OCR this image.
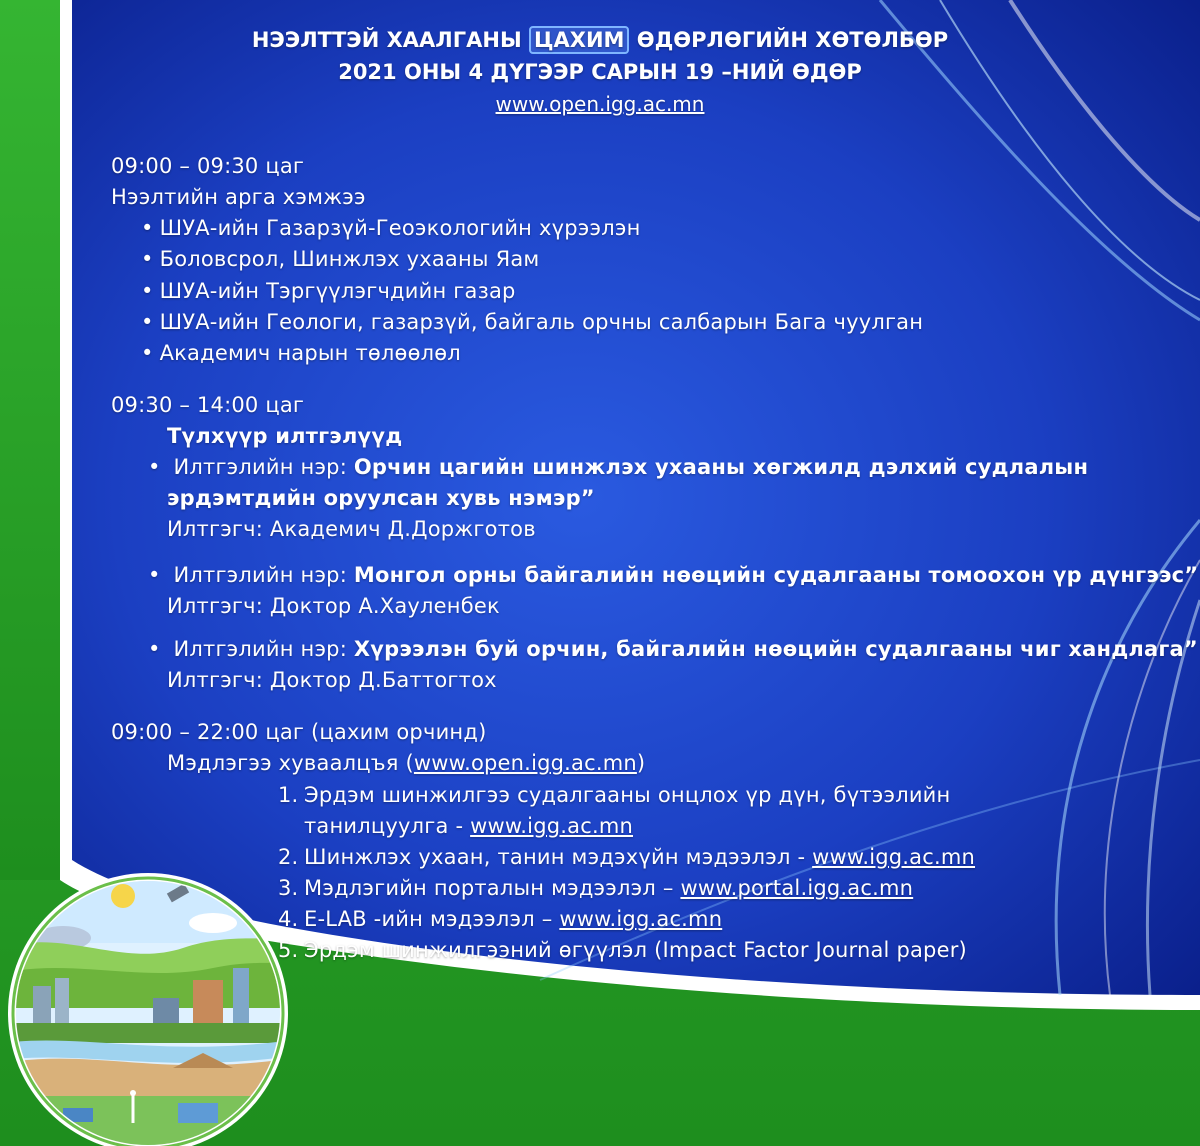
НЭЭЛТТЭЙ ХААЛГАНЫ ЦАХИМ ӨДӨРЛӨГИЙН ХӨТӨЛБӨР
2021 ОНЫ 4 ДҮГЭЭР САРЫН 19 –НИЙ ӨДӨР
www.open.igg.ac.mn
09:00 – 09:30 цаг
Нээлтийн арга хэмжээ
• ШУА-ийн Газарзүй-Геоэкологийн хүрээлэн
• Боловсрол, Шинжлэх ухааны Яам
• ШУА-ийн Тэргүүлэгчдийн газар
• ШУА-ийн Геологи, газарзүй, байгаль орчны салбарын Бага чуулган
• Академич нарын төлөөлөл
09:30 – 14:00 цаг
Түлхүүр илтгэлүүд
• Илтгэлийн нэр: Орчин цагийн шинжлэх ухааны хөгжилд дэлхий судлалын
эрдэмтдийн оруулсан хувь нэмэр”
Илтгэгч: Академич Д.Доржготов
• Илтгэлийн нэр: Монгол орны байгалийн нөөцийн судалгааны томоохон үр дүнгээс”
Илтгэгч: Доктор А.Хауленбек
• Илтгэлийн нэр: Хүрээлэн буй орчин, байгалийн нөөцийн судалгааны чиг хандлага”
Илтгэгч: Доктор Д.Баттогтох
09:00 – 22:00 цаг (цахим орчинд)
Мэдлэгээ хуваалцъя (www.open.igg.ac.mn)
1. Эрдэм шинжилгээ судалгааны онцлох үр дүн, бүтээлийн
танилцуулга - www.igg.ac.mn
2. Шинжлэх ухаан, танин мэдэхүйн мэдээлэл - www.igg.ac.mn
3. Мэдлэгийн порталын мэдээлэл – www.portal.igg.ac.mn
4. E-LAB -ийн мэдээлэл – www.igg.ac.mn
5. Эрдэм шинжилгээний өгүүлэл (Impact Factor Journal paper)
